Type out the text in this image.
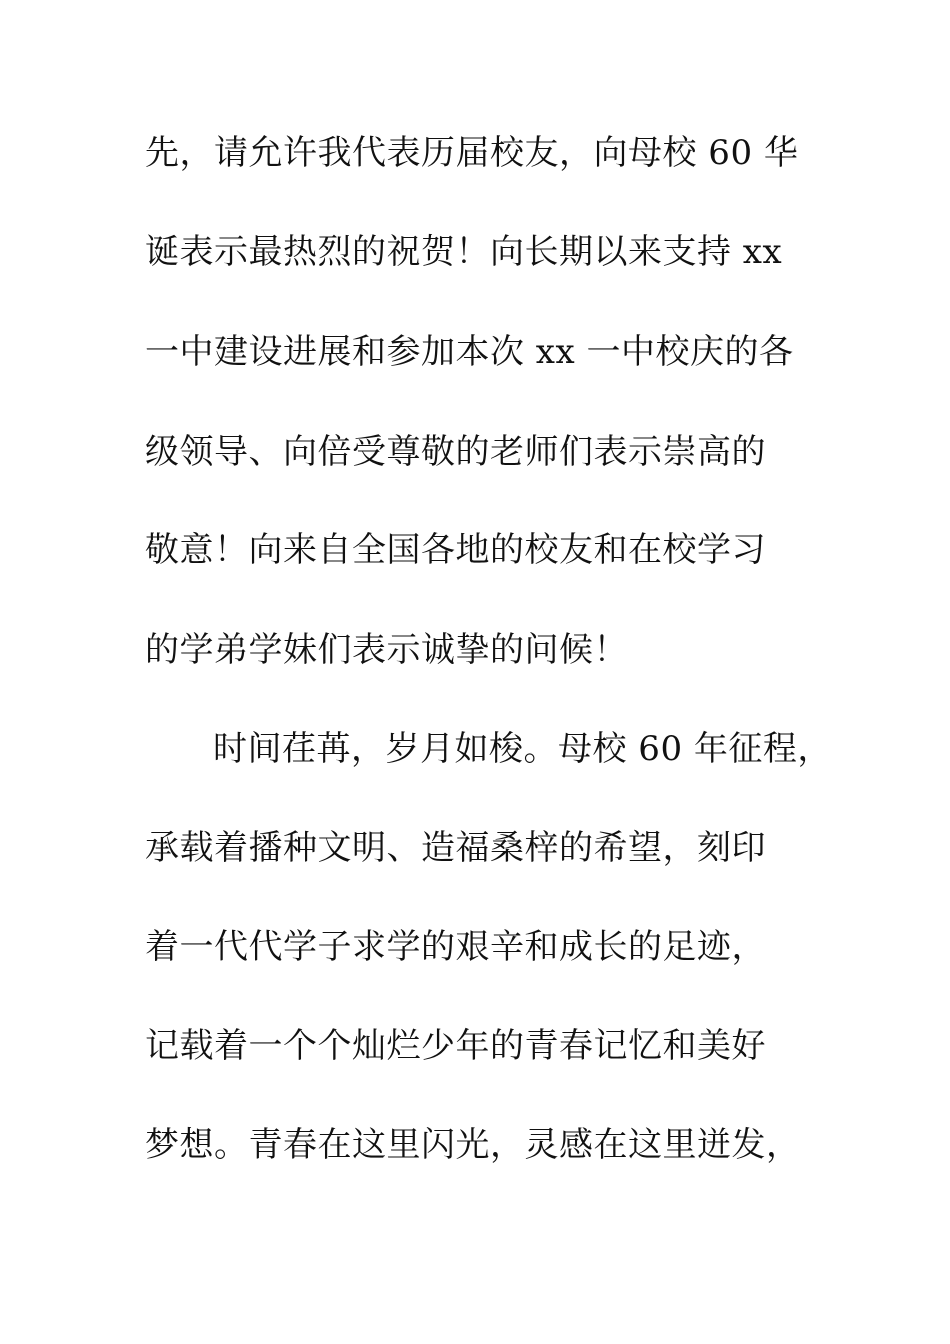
先，请允许我代表历届校友，向母校 60 华
诞表示最热烈的祝贺！向长期以来支持 xx
一中建设进展和参加本次 xx 一中校庆的各
级领导、向倍受尊敬的老师们表示崇高的
敬意！向来自全国各地的校友和在校学习
的学弟学妹们表示诚挚的问候！
时间荏苒，岁月如梭。母校 60 年征程，
承载着播种文明、造福桑梓的希望，刻印
着一代代学子求学的艰辛和成长的足迹，
记载着一个个灿烂少年的青春记忆和美好
梦想。青春在这里闪光，灵感在这里迸发，
